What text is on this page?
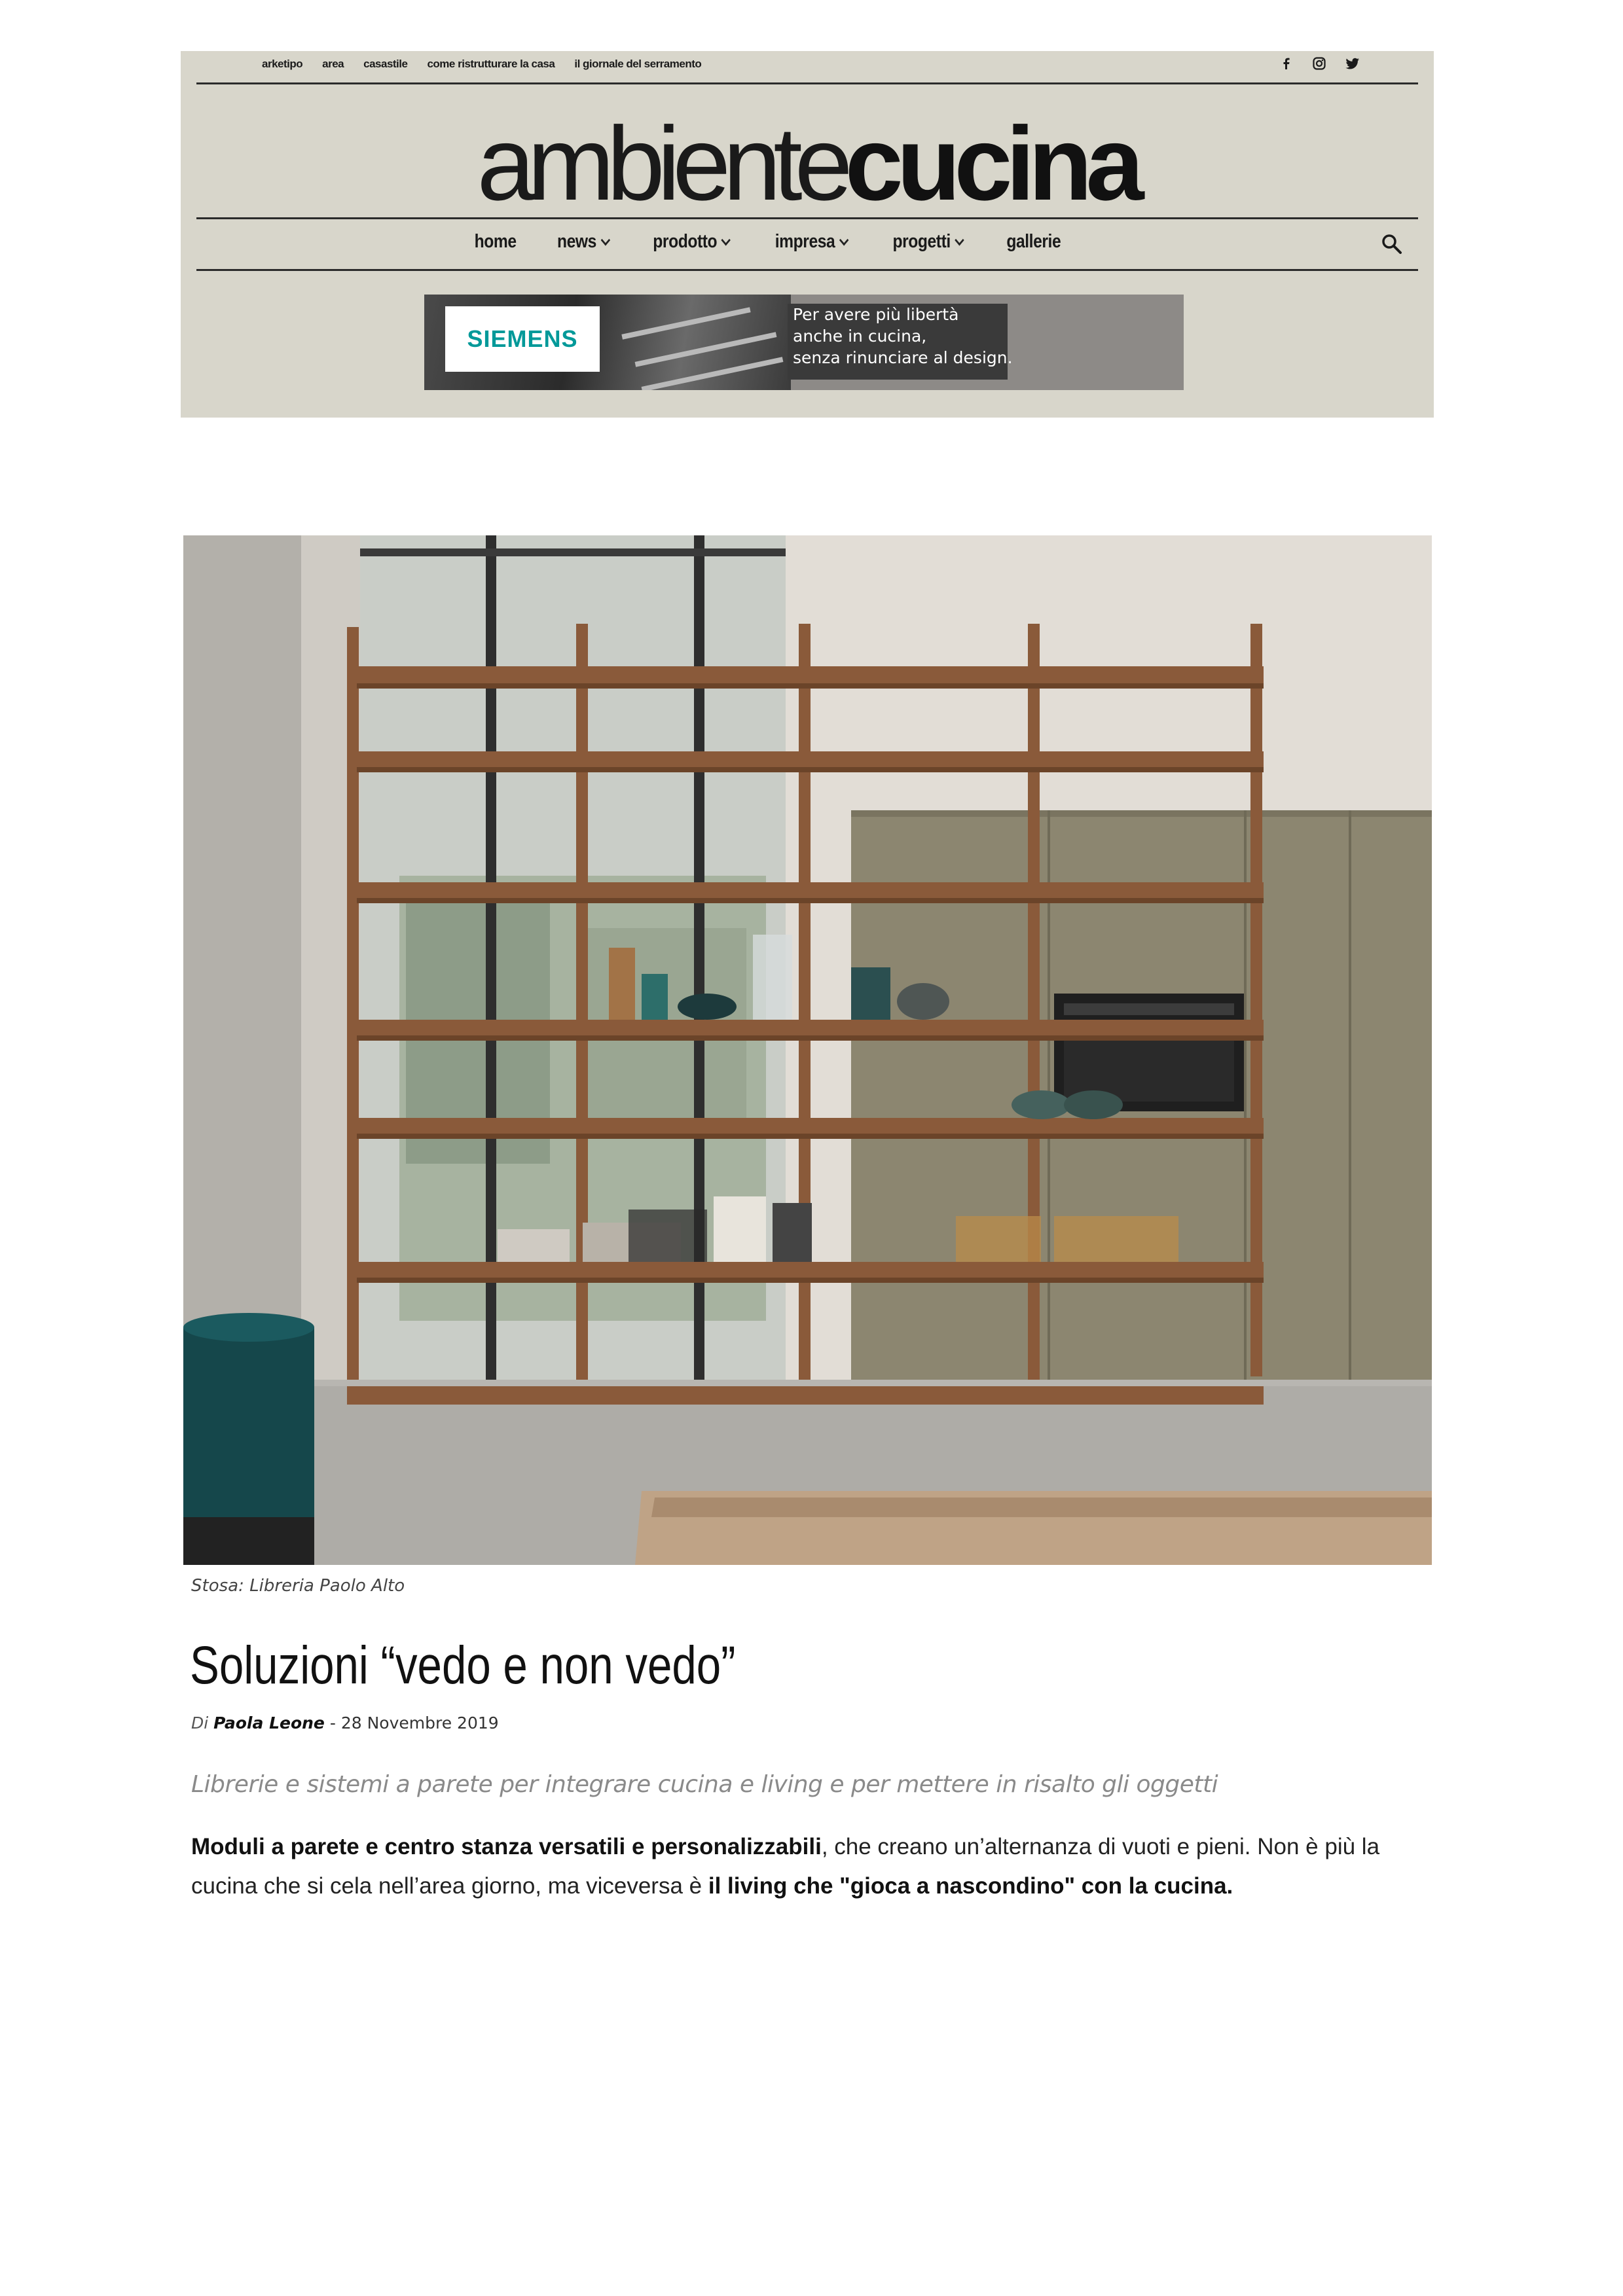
arketipo area casastile come ristrutturare la casa il giornale del serramento
ambientecucina
home news	prodotto	impresa	progetti	gallerie
SIEMENS
Per avere più libertà
anche in cucina,
senza rinunciare al design.
Stosa: Libreria Paolo Alto
Soluzioni “vedo e non vedo”
Di Paola Leone - 28 Novembre 2019
Librerie e sistemi a parete per integrare cucina e living e per mettere in risalto gli oggetti
Moduli a parete e centro stanza versatili e personalizzabili, che creano un’alternanza di vuoti e pieni. Non è più la cucina che si cela nell’area giorno, ma viceversa è il living che "gioca a nascondino" con la cucina.
